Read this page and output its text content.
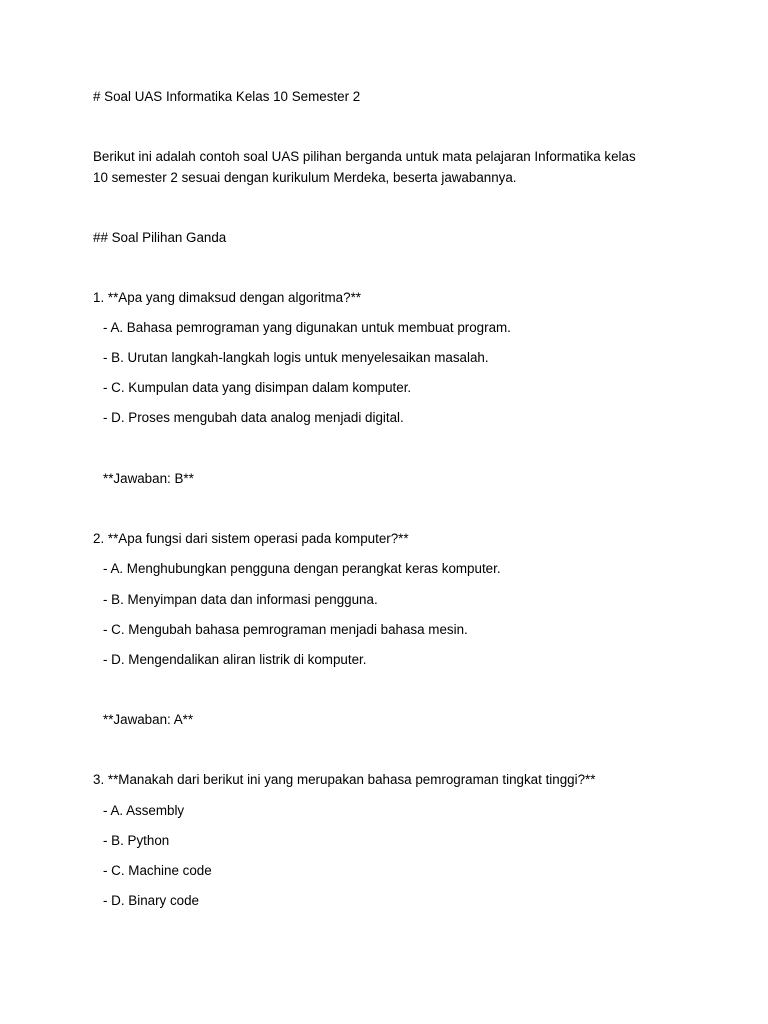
# Soal UAS Informatika Kelas 10 Semester 2
Berikut ini adalah contoh soal UAS pilihan berganda untuk mata pelajaran Informatika kelas
10 semester 2 sesuai dengan kurikulum Merdeka, beserta jawabannya.
## Soal Pilihan Ganda
1. **Apa yang dimaksud dengan algoritma?**
- A. Bahasa pemrograman yang digunakan untuk membuat program.
- B. Urutan langkah-langkah logis untuk menyelesaikan masalah.
- C. Kumpulan data yang disimpan dalam komputer.
- D. Proses mengubah data analog menjadi digital.
**Jawaban: B**
2. **Apa fungsi dari sistem operasi pada komputer?**
- A. Menghubungkan pengguna dengan perangkat keras komputer.
- B. Menyimpan data dan informasi pengguna.
- C. Mengubah bahasa pemrograman menjadi bahasa mesin.
- D. Mengendalikan aliran listrik di komputer.
**Jawaban: A**
3. **Manakah dari berikut ini yang merupakan bahasa pemrograman tingkat tinggi?**
- A. Assembly
- B. Python
- C. Machine code
- D. Binary code
